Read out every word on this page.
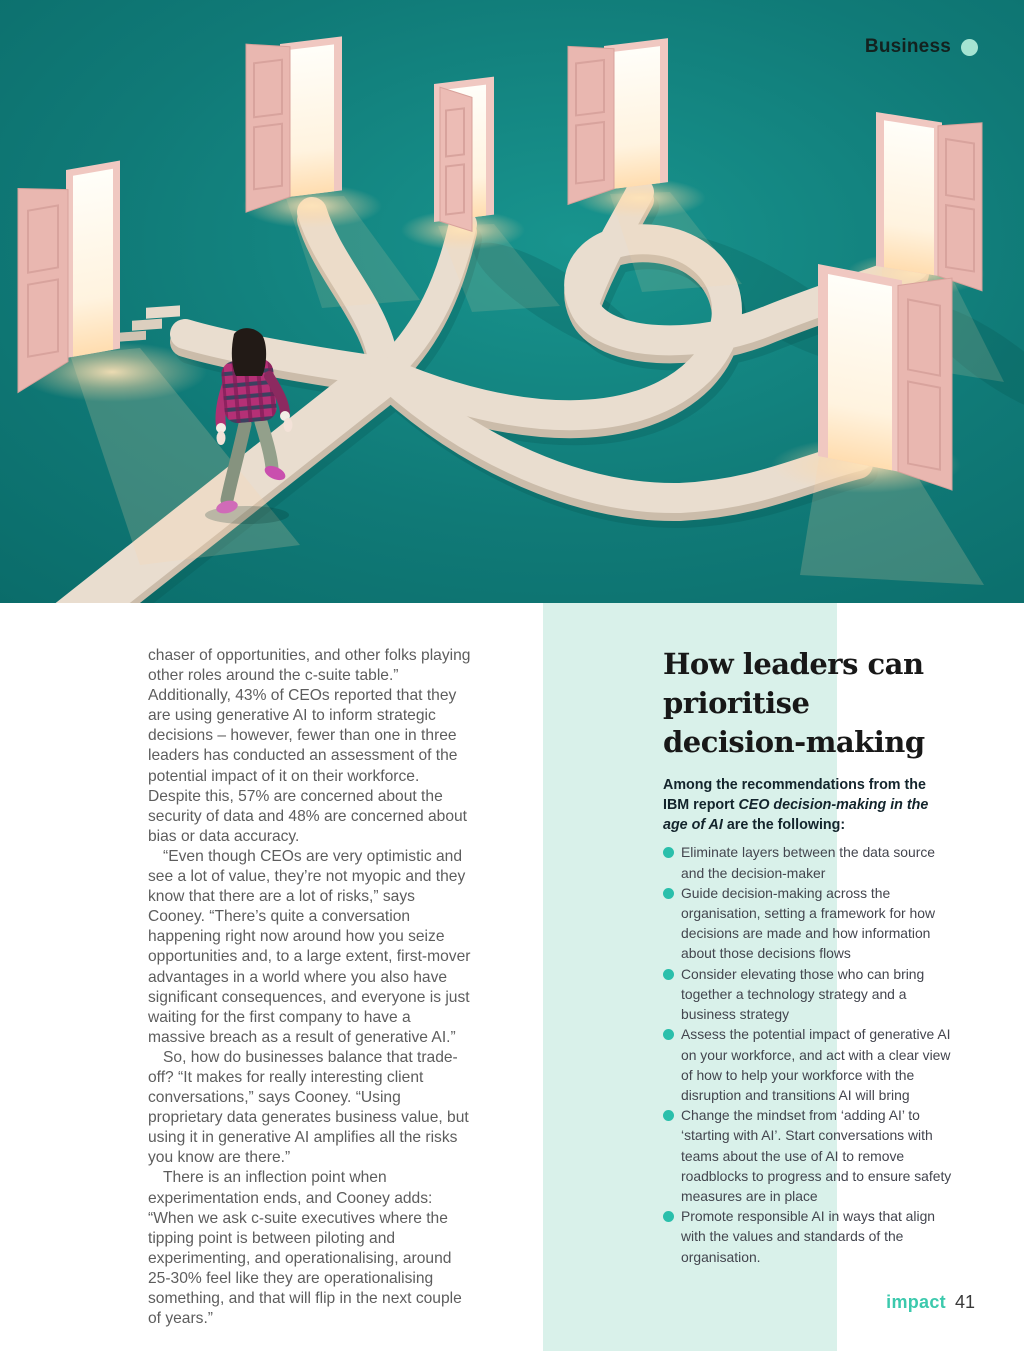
Business

chaser of opportunities, and other folks playing other roles around the c-suite table.” Additionally, 43% of CEOs reported that they are using generative AI to inform strategic decisions – however, fewer than one in three leaders has conducted an assessment of the potential impact of it on their workforce. Despite this, 57% are concerned about the security of data and 48% are concerned about bias or data accuracy.

“Even though CEOs are very optimistic and see a lot of value, they’re not myopic and they know that there are a lot of risks,” says Cooney. “There’s quite a conversation happening right now around how you seize opportunities and, to a large extent, first-mover advantages in a world where you also have significant consequences, and everyone is just waiting for the first company to have a massive breach as a result of generative AI.”

So, how do businesses balance that trade-off? “It makes for really interesting client conversations,” says Cooney. “Using proprietary data generates business value, but using it in generative AI amplifies all the risks you know are there.”

There is an inflection point when experimentation ends, and Cooney adds: “When we ask c-suite executives where the tipping point is between piloting and experimenting, and operationalising, around 25-30% feel like they are operationalising something, and that will flip in the next couple of years.”

How leaders can prioritise decision-making

Among the recommendations from the IBM report CEO decision-making in the age of AI are the following:

Eliminate layers between the data source and the decision-maker
Guide decision-making across the organisation, setting a framework for how decisions are made and how information about those decisions flows
Consider elevating those who can bring together a technology strategy and a business strategy
Assess the potential impact of generative AI on your workforce, and act with a clear view of how to help your workforce with the disruption and transitions AI will bring
Change the mindset from ‘adding AI’ to ‘starting with AI’. Start conversations with teams about the use of AI to remove roadblocks to progress and to ensure safety measures are in place
Promote responsible AI in ways that align with the values and standards of the organisation.
impact 41
